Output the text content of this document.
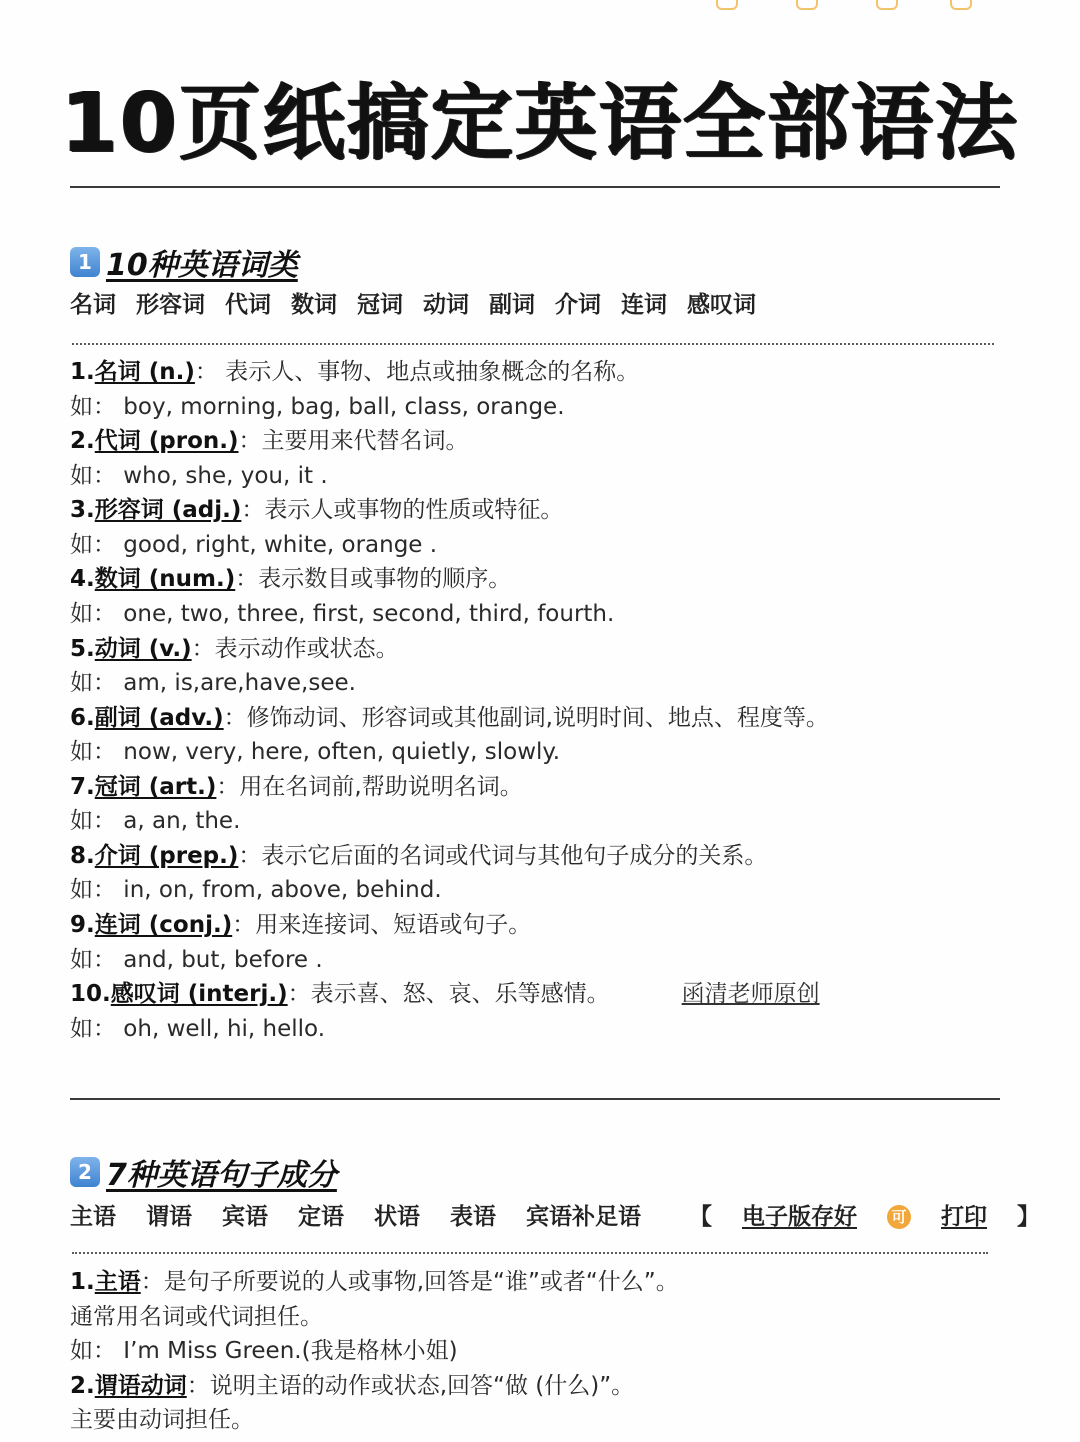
10页纸搞定英语全部语法
1 10种英语词类
名词 形容词 代词 数词 冠词 动词 副词 介词 连词 感叹词
1.名词 (n.)： 表示人、事物、地点或抽象概念的名称。
如： boy, morning, bag, ball, class, orange.
2.代词 (pron.)：主要用来代替名词。
如： who, she, you, it .
3.形容词 (adj.)：表示人或事物的性质或特征。
如： good, right, white, orange .
4.数词 (num.)：表示数目或事物的顺序。
如： one, two, three, first, second, third, fourth.
5.动词 (v.)：表示动作或状态。
如： am, is,are,have,see.
6.副词 (adv.)：修饰动词、形容词或其他副词,说明时间、地点、程度等。
如： now, very, here, often, quietly, slowly.
7.冠词 (art.)：用在名词前,帮助说明名词。
如： a, an, the.
8.介词 (prep.)：表示它后面的名词或代词与其他句子成分的关系。
如： in, on, from, above, behind.
9.连词 (conj.)：用来连接词、短语或句子。
如： and, but, before .
10.感叹词 (interj.)：表示喜、怒、哀、乐等感情。	函清老师原创
如： oh, well, hi, hello.
2 7种英语句子成分
主语 谓语 宾语 定语 状语 表语 宾语补足语 【 电子版存好 可 打印 】
1.主语：是句子所要说的人或事物,回答是“谁”或者“什么”。
通常用名词或代词担任。
如： I’m Miss Green.(我是格林小姐)
2.谓语动词：说明主语的动作或状态,回答“做 (什么)”。
主要由动词担任。
